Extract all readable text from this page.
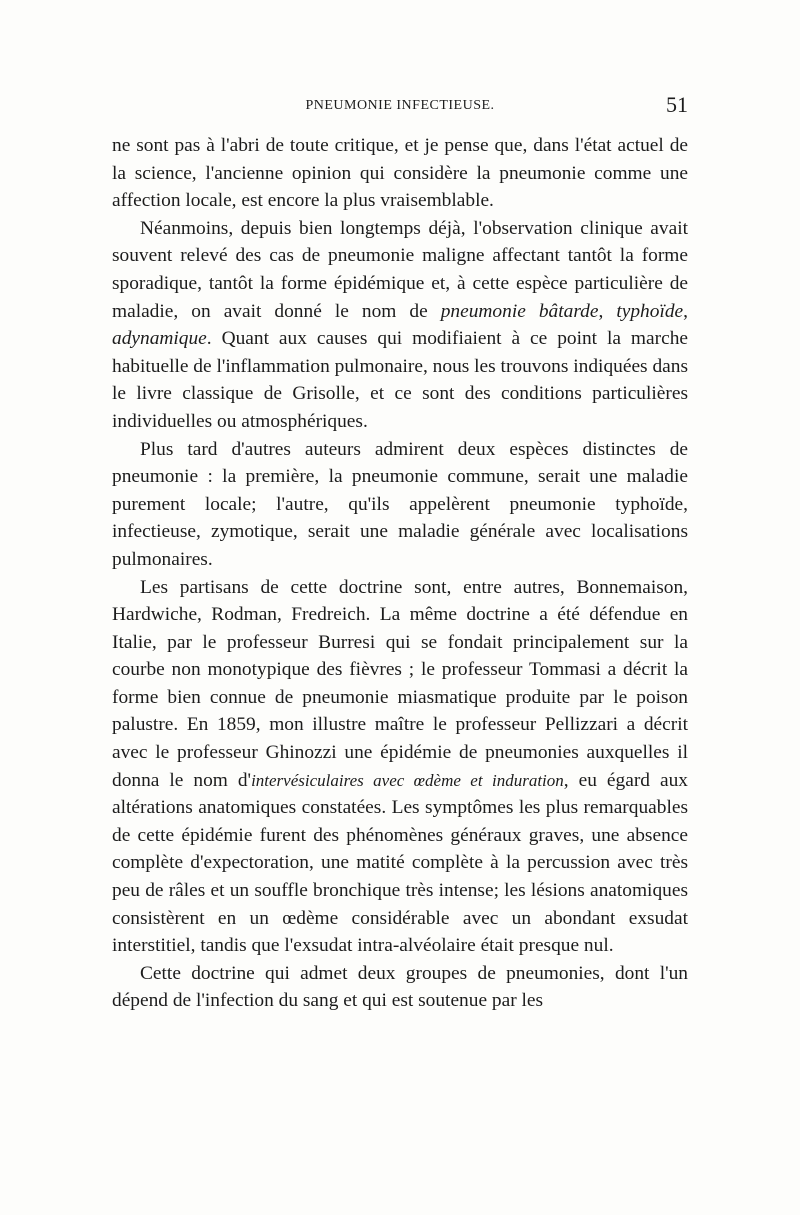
PNEUMONIE INFECTIEUSE.	51

ne sont pas à l'abri de toute critique, et je pense que, dans l'état actuel de la science, l'ancienne opinion qui considère la pneumonie comme une affection locale, est encore la plus vraisemblable.

Néanmoins, depuis bien longtemps déjà, l'observation clinique avait souvent relevé des cas de pneumonie maligne affectant tantôt la forme sporadique, tantôt la forme épidémique et, à cette espèce particulière de maladie, on avait donné le nom de pneumonie bâtarde, typhoïde, adynamique. Quant aux causes qui modifiaient à ce point la marche habituelle de l'inflammation pulmonaire, nous les trouvons indiquées dans le livre classique de Grisolle, et ce sont des conditions particulières individuelles ou atmosphériques.

Plus tard d'autres auteurs admirent deux espèces distinctes de pneumonie : la première, la pneumonie commune, serait une maladie purement locale; l'autre, qu'ils appelèrent pneumonie typhoïde, infectieuse, zymotique, serait une maladie générale avec localisations pulmonaires.

Les partisans de cette doctrine sont, entre autres, Bonnemaison, Hardwiche, Rodman, Fredreich. La même doctrine a été défendue en Italie, par le professeur Burresi qui se fondait principalement sur la courbe non monotypique des fièvres ; le professeur Tommasi a décrit la forme bien connue de pneumonie miasmatique produite par le poison palustre. En 1859, mon illustre maître le professeur Pellizzari a décrit avec le professeur Ghinozzi une épidémie de pneumonies auxquelles il donna le nom d'intervésiculaires avec œdème et induration, eu égard aux altérations anatomiques constatées. Les symptômes les plus remarquables de cette épidémie furent des phénomènes généraux graves, une absence complète d'expectoration, une matité complète à la percussion avec très peu de râles et un souffle bronchique très intense; les lésions anatomiques consistèrent en un œdème considérable avec un abondant exsudat interstitiel, tandis que l'exsudat intra-alvéolaire était presque nul.

Cette doctrine qui admet deux groupes de pneumonies, dont l'un dépend de l'infection du sang et qui est soutenue par les
